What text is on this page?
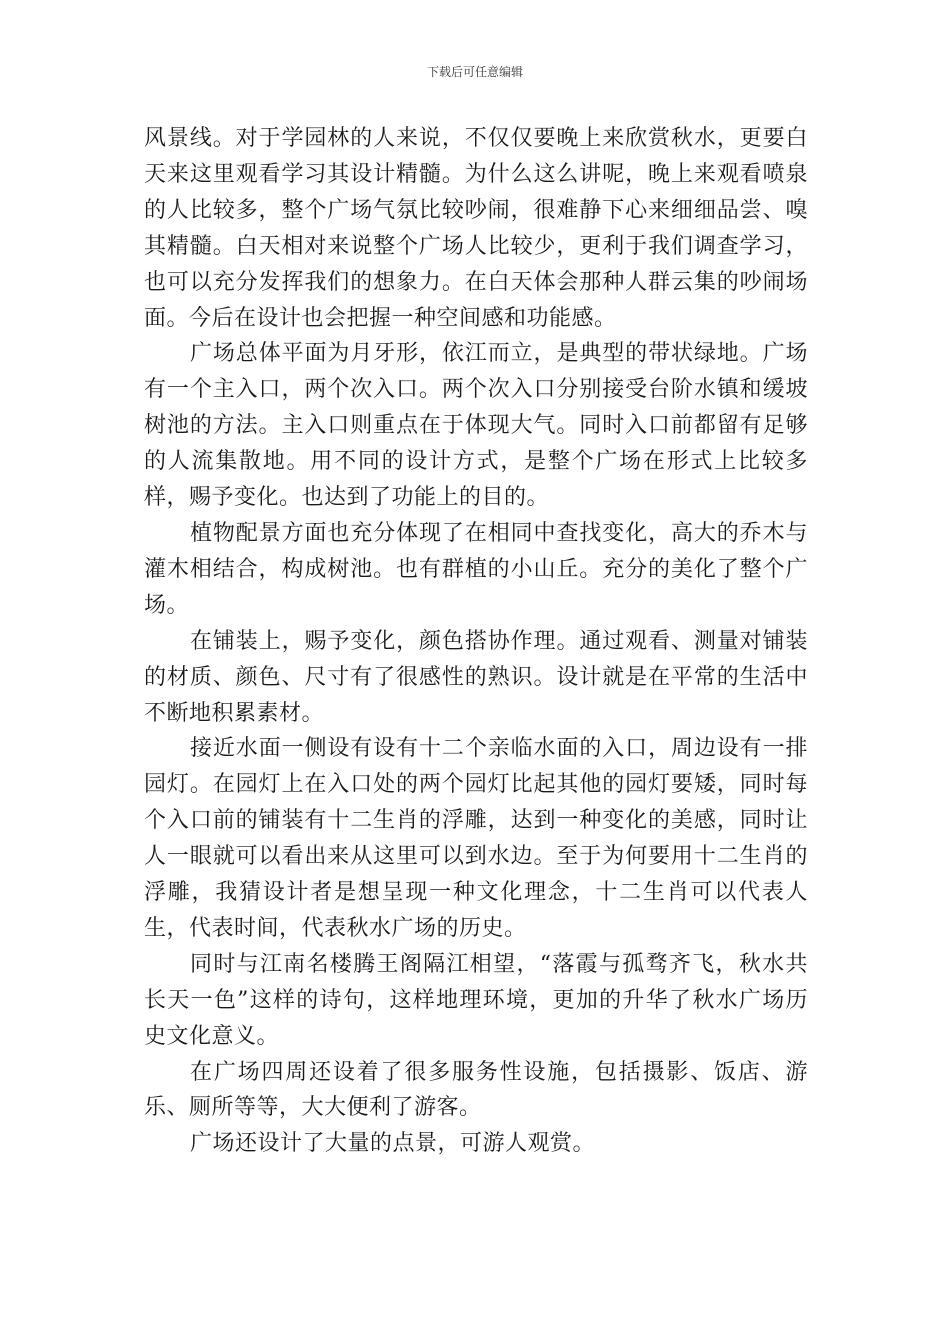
下载后可任意编辑

风景线。对于学园林的人来说，不仅仅要晚上来欣赏秋水，更要白天来这里观看学习其设计精髓。为什么这么讲呢，晚上来观看喷泉的人比较多，整个广场气氛比较吵闹，很难静下心来细细品尝、嗅其精髓。白天相对来说整个广场人比较少，更利于我们调查学习，也可以充分发挥我们的想象力。在白天体会那种人群云集的吵闹场面。今后在设计也会把握一种空间感和功能感。

广场总体平面为月牙形，依江而立，是典型的带状绿地。广场有一个主入口，两个次入口。两个次入口分别接受台阶水镇和缓坡树池的方法。主入口则重点在于体现大气。同时入口前都留有足够的人流集散地。用不同的设计方式，是整个广场在形式上比较多样，赐予变化。也达到了功能上的目的。

植物配景方面也充分体现了在相同中查找变化，高大的乔木与灌木相结合，构成树池。也有群植的小山丘。充分的美化了整个广场。

在铺装上，赐予变化，颜色搭协作理。通过观看、测量对铺装的材质、颜色、尺寸有了很感性的熟识。设计就是在平常的生活中不断地积累素材。

接近水面一侧设有设有十二个亲临水面的入口，周边设有一排园灯。在园灯上在入口处的两个园灯比起其他的园灯要矮，同时每个入口前的铺装有十二生肖的浮雕，达到一种变化的美感，同时让人一眼就可以看出来从这里可以到水边。至于为何要用十二生肖的浮雕，我猜设计者是想呈现一种文化理念，十二生肖可以代表人生，代表时间，代表秋水广场的历史。

同时与江南名楼腾王阁隔江相望，“落霞与孤骛齐飞，秋水共长天一色”这样的诗句，这样地理环境，更加的升华了秋水广场历史文化意义。

在广场四周还设着了很多服务性设施，包括摄影、饭店、游乐、厕所等等，大大便利了游客。

广场还设计了大量的点景，可游人观赏。
